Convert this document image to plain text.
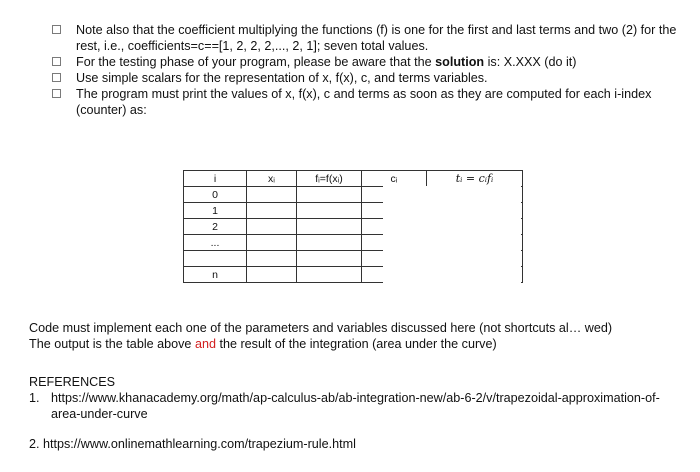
Note also that the coefficient multiplying the functions (f) is one for the first and last terms and two (2) for the rest, i.e., coefficients=c==[1, 2, 2, 2,..., 2, 1]; seven total values.
For the testing phase of your program, please be aware that the solution is: X.XXX (do it)
Use simple scalars for the representation of x, f(x), c, and terms variables.
The program must print the values of x, f(x), c and terms as soon as they are computed for each i-index (counter) as:
i	xᵢ	fᵢ=f(xᵢ)	cᵢ	tᵢ = cᵢfᵢ
0				
1				
2				
...				

n				
Code must implement each one of the parameters and variables discussed here (not shortcuts al… wed)
The output is the table above and the result of the integration (area under the curve)
REFERENCES
1. https://www.khanacademy.org/math/ap-calculus-ab/ab-integration-new/ab-6-2/v/trapezoidal-approximation-of-area-under-curve
2. https://www.onlinemathlearning.com/trapezium-rule.html
